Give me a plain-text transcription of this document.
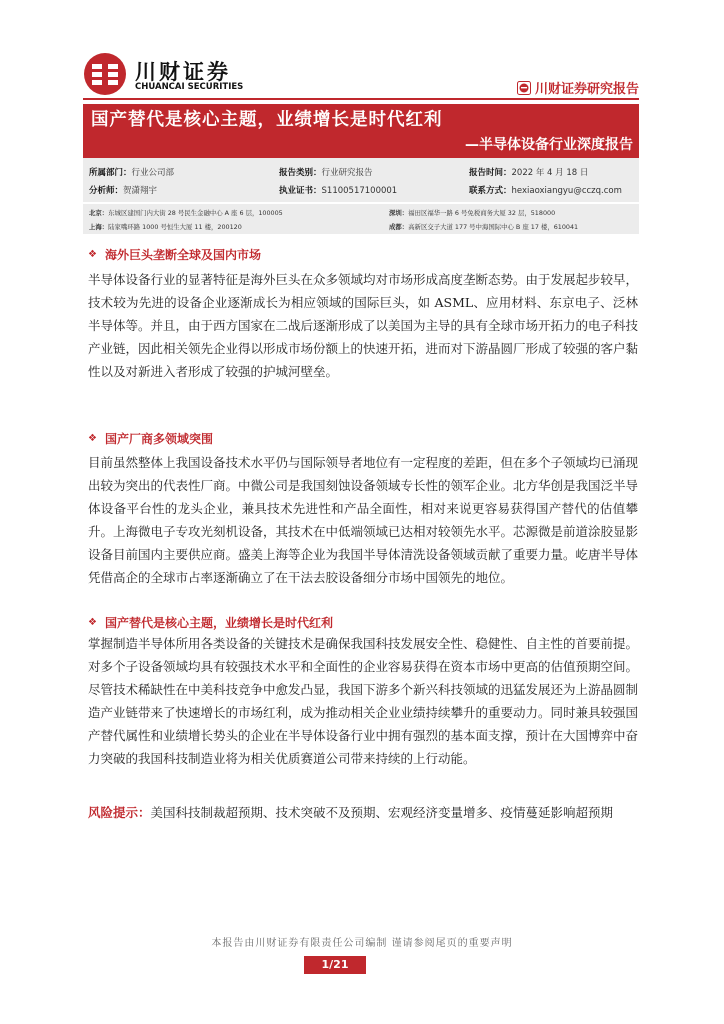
川财证券
CHUANCAI SECURITIES	川财证券研究报告
国产替代是核心主题，业绩增长是时代红利
—半导体设备行业深度报告
所属部门：行业公司部	报告类别：行业研究报告	报告时间：2022 年 4 月 18 日
分析师：贺潇翔宇	执业证书：S1100517100001	联系方式：hexiaoxiangyu@cczq.com
北京：东城区建国门内大街 28 号民生金融中心 A 座 6 层，100005	深圳：福田区福华一路 6 号免税商务大厦 32 层，518000
上海：陆家嘴环路 1000 号恒生大厦 11 楼，200120	成都：高新区交子大道 177 号中海国际中心 B 座 17 楼，610041
❖ 海外巨头垄断全球及国内市场

半导体设备行业的显著特征是海外巨头在众多领域均对市场形成高度垄断态势。由于发展起步较早，技术较为先进的设备企业逐渐成长为相应领域的国际巨头，如 ASML、应用材料、东京电子、泛林半导体等。并且，由于西方国家在二战后逐渐形成了以美国为主导的具有全球市场开拓力的电子科技产业链，因此相关领先企业得以形成市场份额上的快速开拓，进而对下游晶圆厂形成了较强的客户黏性以及对新进入者形成了较强的护城河壁垒。

❖ 国产厂商多领域突围

目前虽然整体上我国设备技术水平仍与国际领导者地位有一定程度的差距，但在多个子领域均已涌现出较为突出的代表性厂商。中微公司是我国刻蚀设备领域专长性的领军企业。北方华创是我国泛半导体设备平台性的龙头企业，兼具技术先进性和产品全面性，相对来说更容易获得国产替代的估值攀升。上海微电子专攻光刻机设备，其技术在中低端领域已达相对较领先水平。芯源微是前道涂胶显影设备目前国内主要供应商。盛美上海等企业为我国半导体清洗设备领域贡献了重要力量。屹唐半导体凭借高企的全球市占率逐渐确立了在干法去胶设备细分市场中国领先的地位。

❖ 国产替代是核心主题，业绩增长是时代红利

掌握制造半导体所用各类设备的关键技术是确保我国科技发展安全性、稳健性、自主性的首要前提。对多个子设备领域均具有较强技术水平和全面性的企业容易获得在资本市场中更高的估值预期空间。尽管技术稀缺性在中美科技竞争中愈发凸显，我国下游多个新兴科技领域的迅猛发展还为上游晶圆制造产业链带来了快速增长的市场红利，成为推动相关企业业绩持续攀升的重要动力。同时兼具较强国产替代属性和业绩增长势头的企业在半导体设备行业中拥有强烈的基本面支撑，预计在大国博弈中奋力突破的我国科技制造业将为相关优质赛道公司带来持续的上行动能。

风险提示：美国科技制裁超预期、技术突破不及预期、宏观经济变量增多、疫情蔓延影响超预期

本报告由川财证券有限责任公司编制 谨请参阅尾页的重要声明
1/21
